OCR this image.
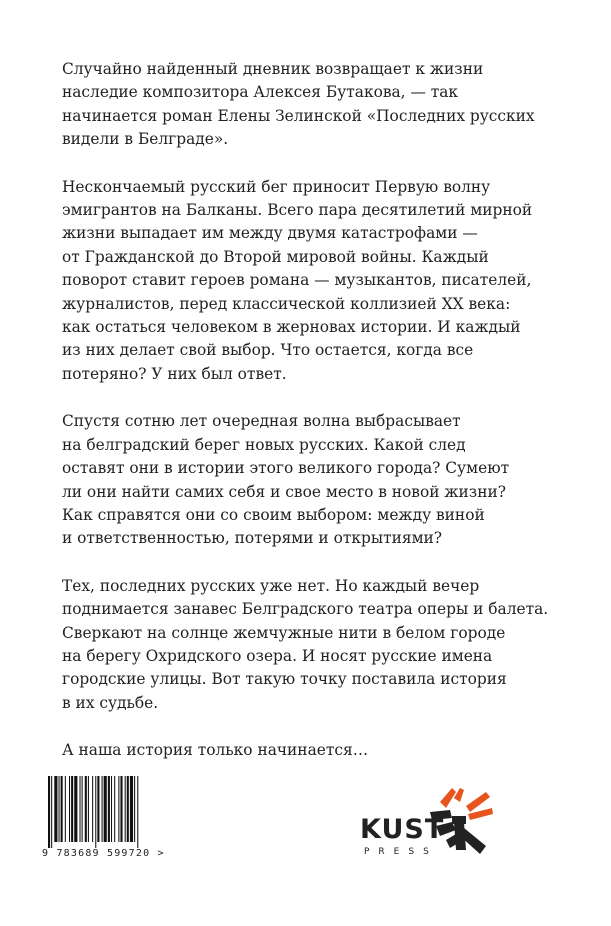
Случайно найденный дневник возвращает к жизни
наследие композитора Алексея Бутакова, — так
начинается роман Елены Зелинской «Последних русских
видели в Белграде».

Нескончаемый русский бег приносит Первую волну
эмигрантов на Балканы. Всего пара десятилетий мирной
жизни выпадает им между двумя катастрофами —
от Гражданской до Второй мировой войны. Каждый
поворот ставит героев романа — музыкантов, писателей,
журналистов, перед классической коллизией XX века:
как остаться человеком в жерновах истории. И каждый
из них делает свой выбор. Что остается, когда все
потеряно? У них был ответ.

Спустя сотню лет очередная волна выбрасывает
на белградский берег новых русских. Какой след
оставят они в истории этого великого города? Сумеют
ли они найти самих себя и свое место в новой жизни?
Как справятся они со своим выбором: между виной
и ответственностью, потерями и открытиями?

Тех, последних русских уже нет. Но каждый вечер
поднимается занавес Белградского театра оперы и балета.
Сверкают на солнце жемчужные нити в белом городе
на берегу Охридского озера. И носят русские имена
городские улицы. Вот такую точку поставила история
в их судьбе.

А наша история только начинается…

9 783689 599720 >
KUST
PRESS
